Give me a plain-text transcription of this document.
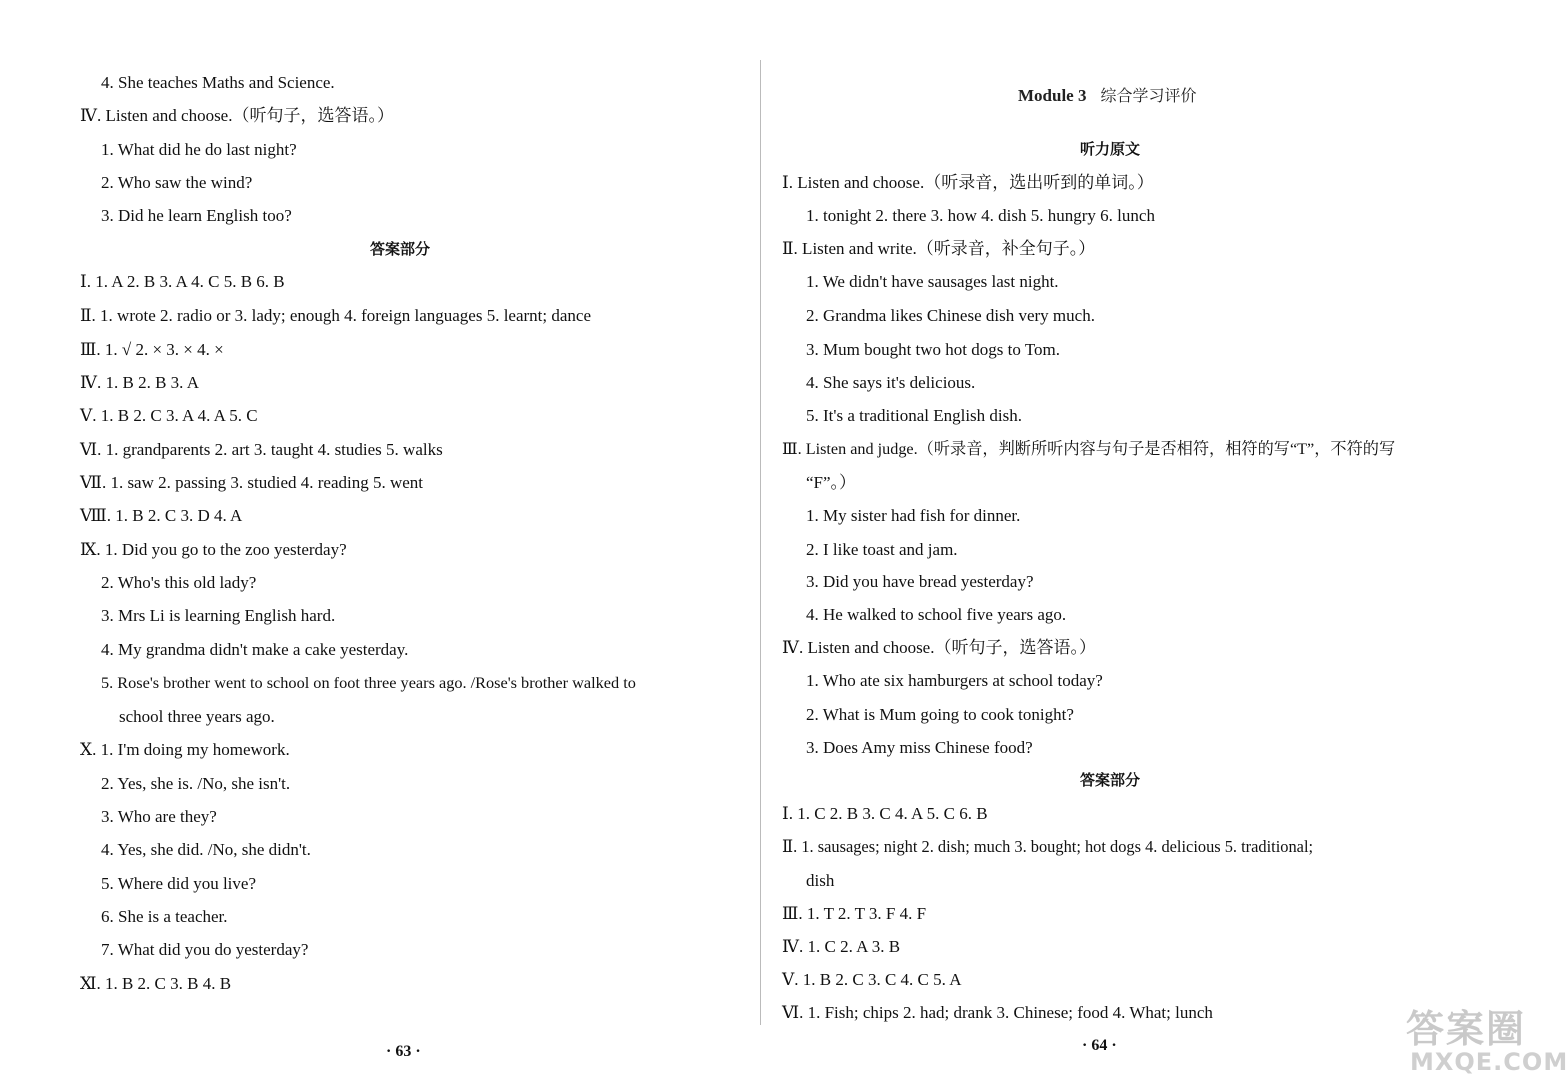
4. She teaches Maths and Science.
Ⅳ. Listen and choose.（听句子，选答语。）
1. What did he do last night?
2. Who saw the wind?
3. Did he learn English too?
答案部分
Ⅰ. 1. A 2. B 3. A 4. C 5. B 6. B
Ⅱ. 1. wrote 2. radio or 3. lady; enough 4. foreign languages 5. learnt; dance
Ⅲ. 1. √ 2. × 3. × 4. ×
Ⅳ. 1. B 2. B 3. A
Ⅴ. 1. B 2. C 3. A 4. A 5. C
Ⅵ. 1. grandparents 2. art 3. taught 4. studies 5. walks
Ⅶ. 1. saw 2. passing 3. studied 4. reading 5. went
Ⅷ. 1. B 2. C 3. D 4. A
Ⅸ. 1. Did you go to the zoo yesterday?
2. Who's this old lady?
3. Mrs Li is learning English hard.
4. My grandma didn't make a cake yesterday.
5. Rose's brother went to school on foot three years ago. /Rose's brother walked to
school three years ago.
Ⅹ. 1. I'm doing my homework.
2. Yes, she is. /No, she isn't.
3. Who are they?
4. Yes, she did. /No, she didn't.
5. Where did you live?
6. She is a teacher.
7. What did you do yesterday?
Ⅺ. 1. B 2. C 3. B 4. B
· 63 ·
Module 3 综合学习评价
听力原文
Ⅰ. Listen and choose.（听录音，选出听到的单词。）
1. tonight 2. there 3. how 4. dish 5. hungry 6. lunch
Ⅱ. Listen and write.（听录音，补全句子。）
1. We didn't have sausages last night.
2. Grandma likes Chinese dish very much.
3. Mum bought two hot dogs to Tom.
4. She says it's delicious.
5. It's a traditional English dish.
Ⅲ. Listen and judge.（听录音，判断所听内容与句子是否相符，相符的写“T”，不符的写
“F”。）
1. My sister had fish for dinner.
2. I like toast and jam.
3. Did you have bread yesterday?
4. He walked to school five years ago.
Ⅳ. Listen and choose.（听句子，选答语。）
1. Who ate six hamburgers at school today?
2. What is Mum going to cook tonight?
3. Does Amy miss Chinese food?
答案部分
Ⅰ. 1. C 2. B 3. C 4. A 5. C 6. B
Ⅱ. 1. sausages; night 2. dish; much 3. bought; hot dogs 4. delicious 5. traditional;
dish
Ⅲ. 1. T 2. T 3. F 4. F
Ⅳ. 1. C 2. A 3. B
Ⅴ. 1. B 2. C 3. C 4. C 5. A
Ⅵ. 1. Fish; chips 2. had; drank 3. Chinese; food 4. What; lunch
· 64 ·	答案圈
MXQE.COM
